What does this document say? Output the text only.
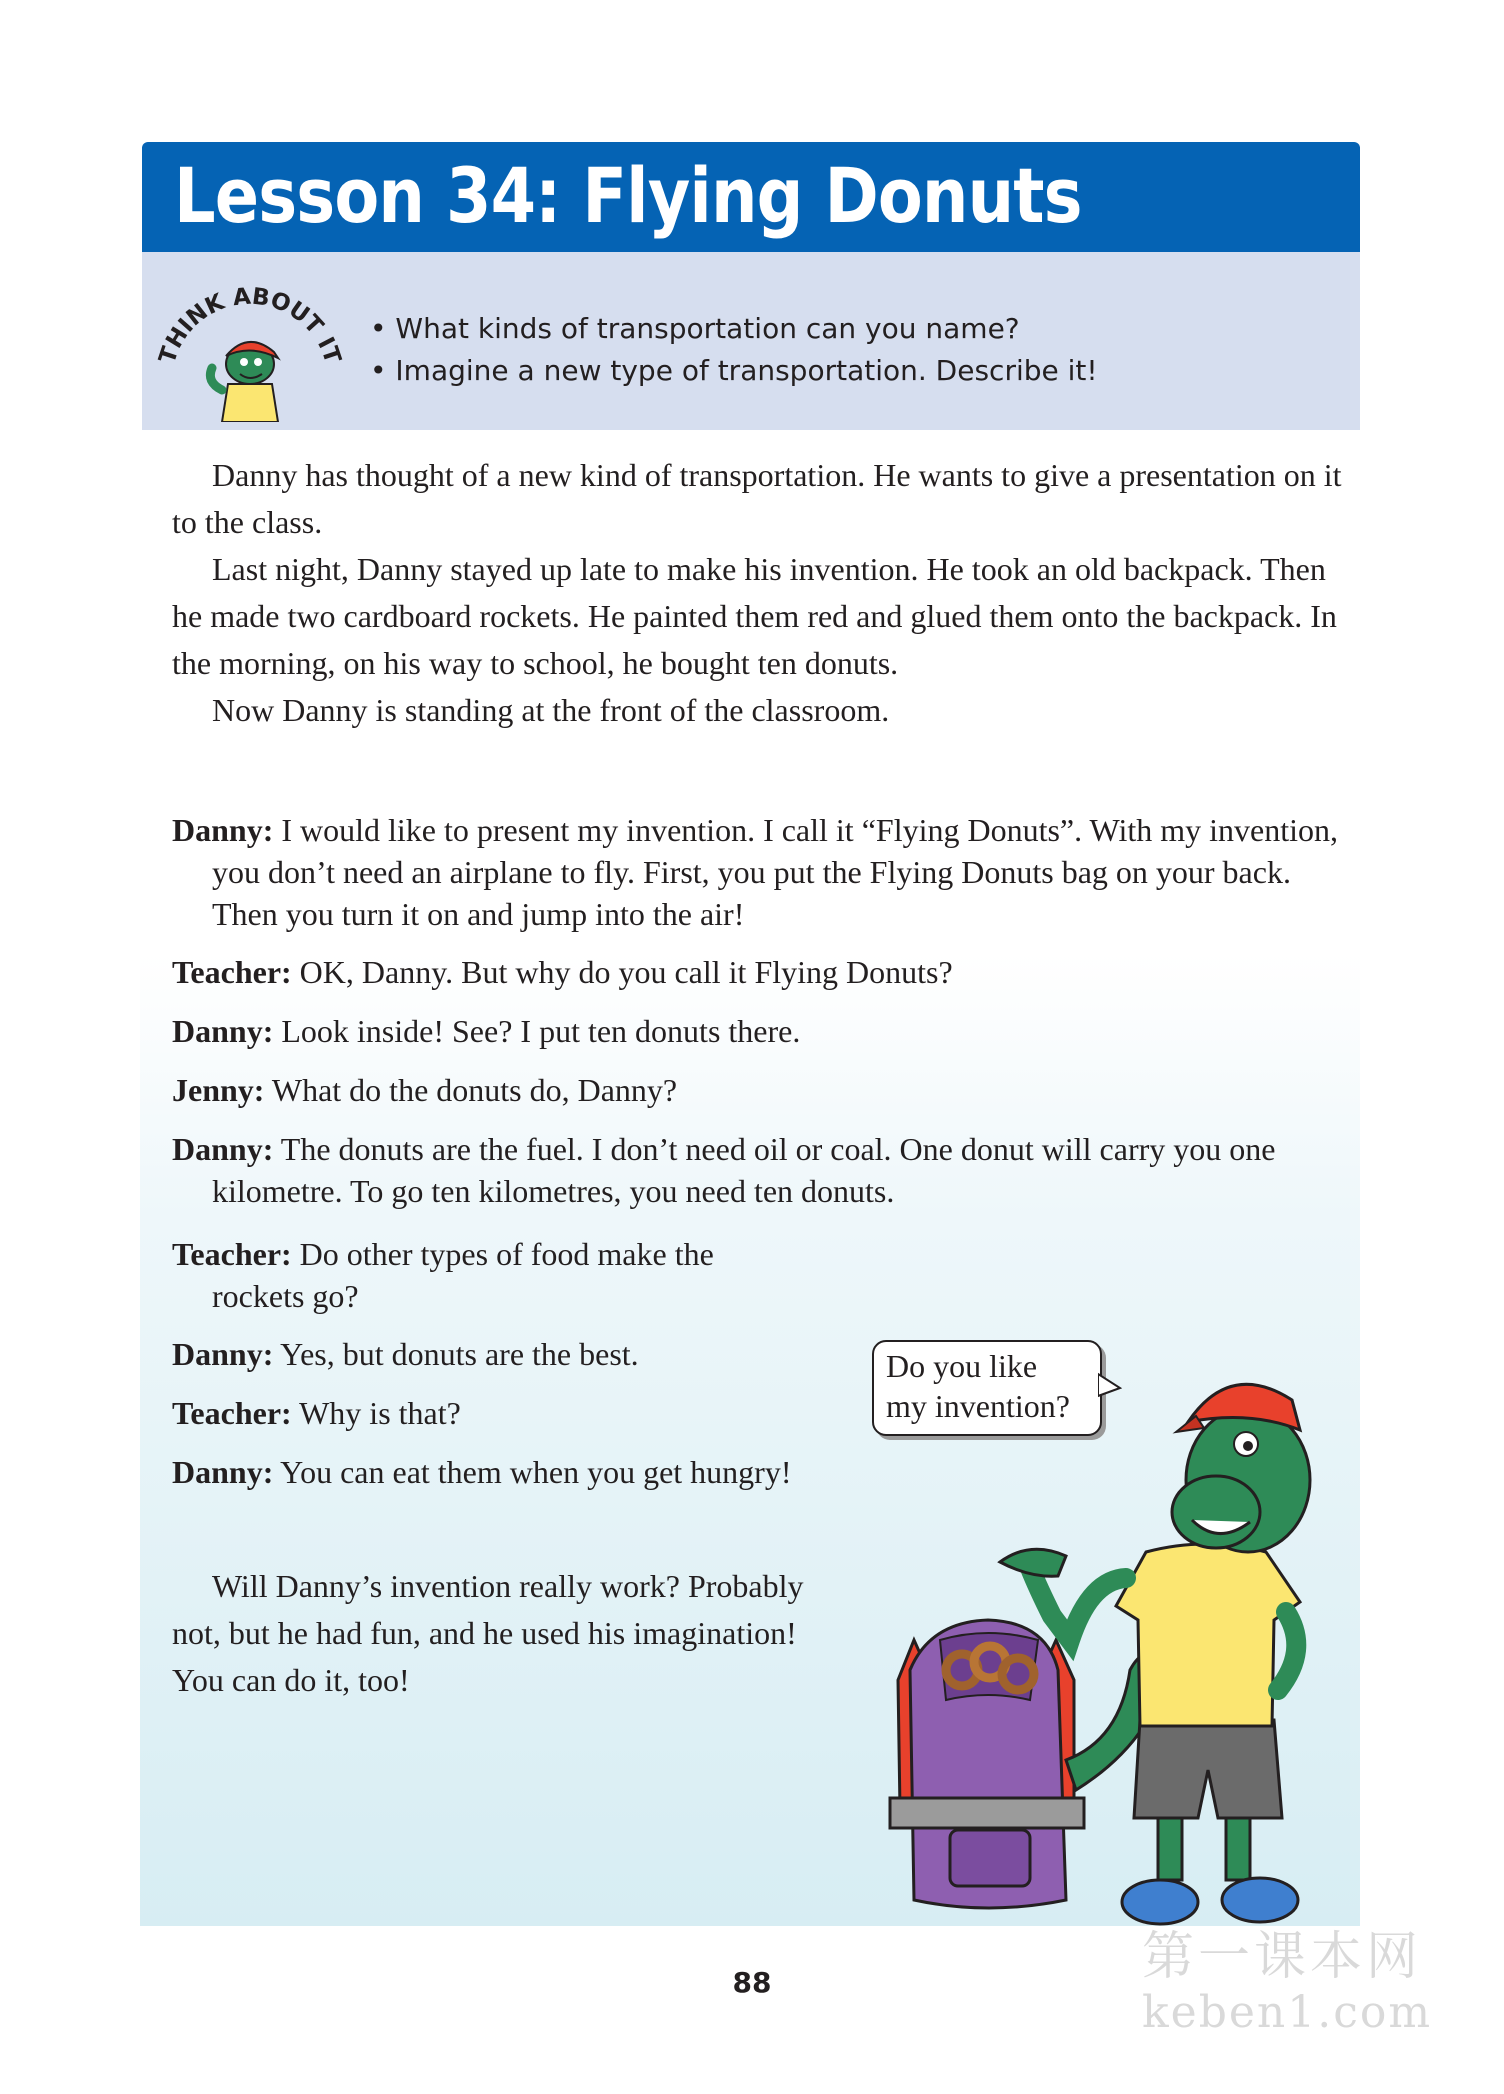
Lesson 34: Flying Donuts
THINK ABOUT IT
• What kinds of transportation can you name?
• Imagine a new type of transportation. Describe it!

Danny has thought of a new kind of transportation. He wants to give a presentation on it to the class.

Last night, Danny stayed up late to make his invention. He took an old backpack. Then he made two cardboard rockets. He painted them red and glued them onto the backpack. In the morning, on his way to school, he bought ten donuts.

Now Danny is standing at the front of the classroom.

Danny: I would like to present my invention. I call it “Flying Donuts”. With my invention, you don’t need an airplane to fly. First, you put the Flying Donuts bag on your back. Then you turn it on and jump into the air!
Teacher: OK, Danny. But why do you call it Flying Donuts?
Danny: Look inside! See? I put ten donuts there.
Jenny: What do the donuts do, Danny?
Danny: The donuts are the fuel. I don’t need oil or coal. One donut will carry you one kilometre. To go ten kilometres, you need ten donuts.
Teacher: Do other types of food make the rockets go?
Danny: Yes, but donuts are the best.
Teacher: Why is that?
Danny: You can eat them when you get hungry!

Will Danny’s invention really work? Probably not, but he had fun, and he used his imagination! You can do it, too!

Do you like
my invention?
88	第一课本网
keben1.com
